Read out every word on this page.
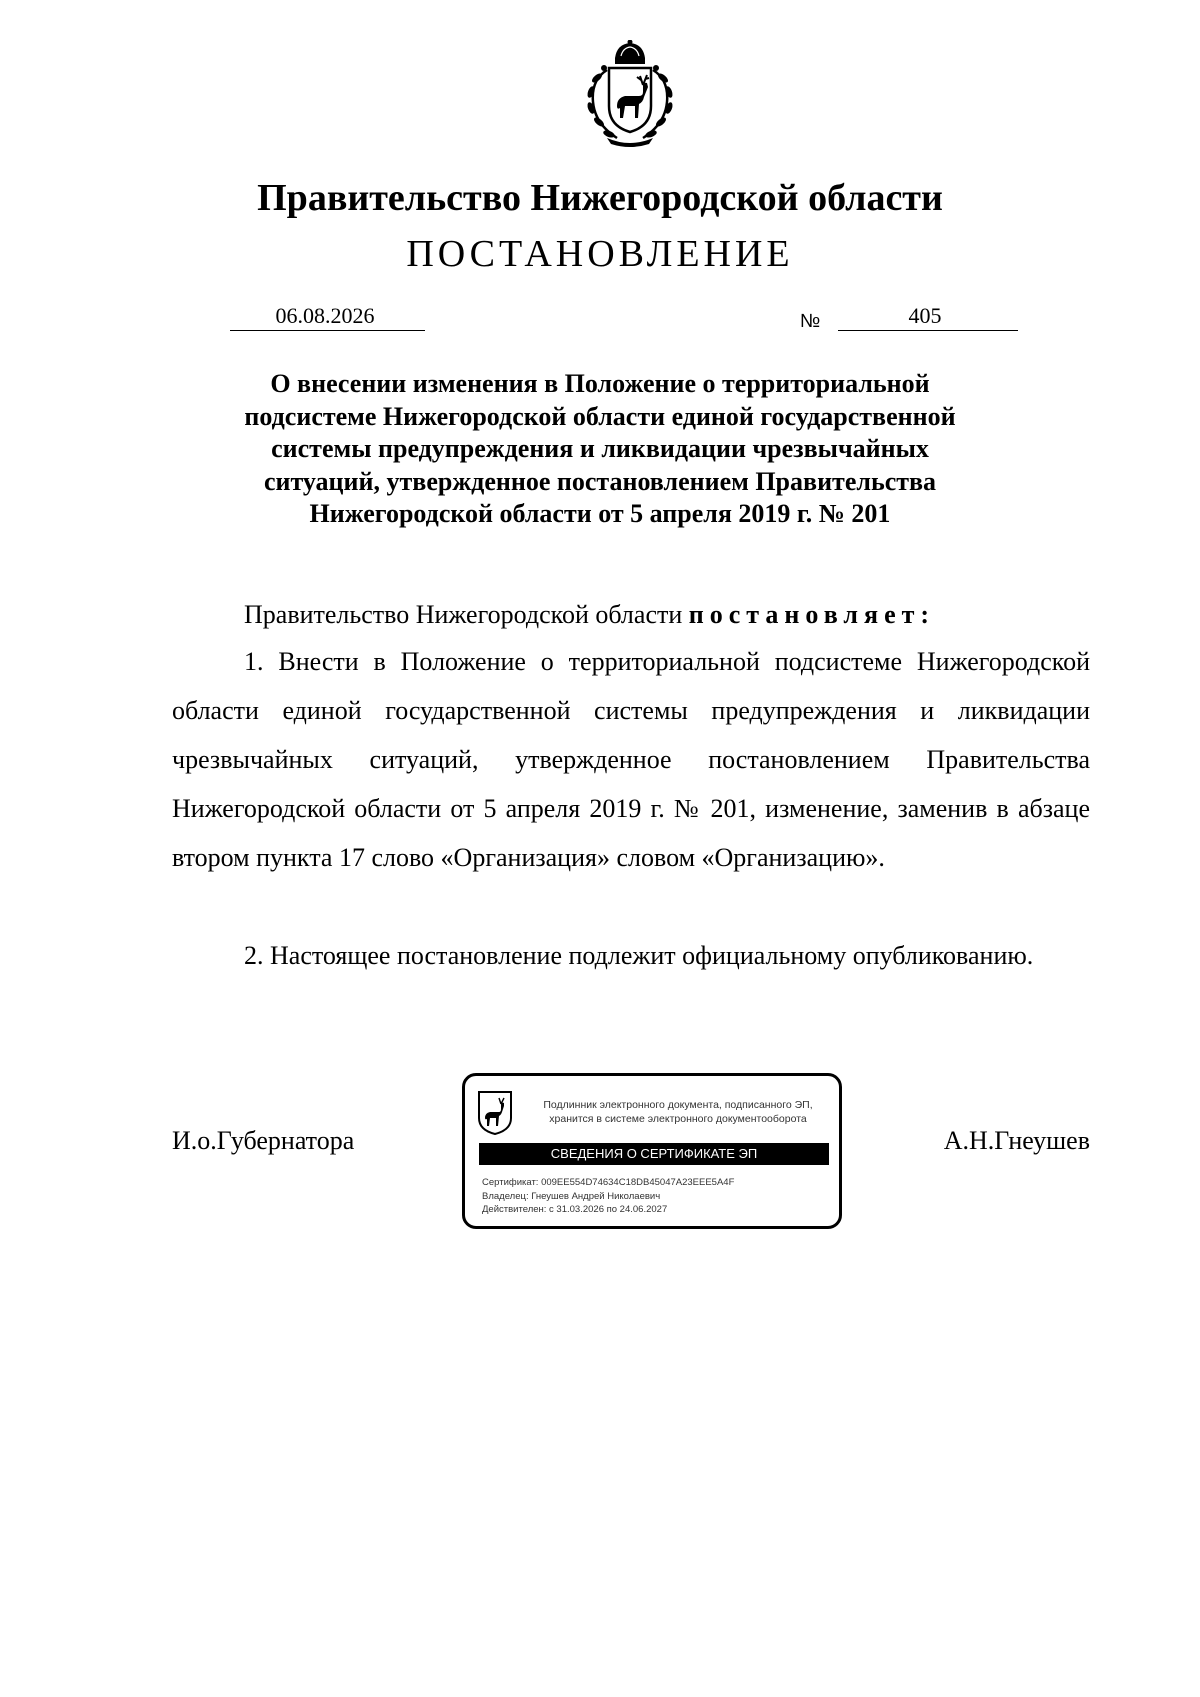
Правительство Нижегородской области
ПОСТАНОВЛЕНИЕ
06.08.2026	№	405
О внесении изменения в Положение о территориальной
подсистеме Нижегородской области единой государственной
системы предупреждения и ликвидации чрезвычайных
ситуаций, утвержденное постановлением Правительства
Нижегородской области от 5 апреля 2019 г. № 201
Правительство Нижегородской области постановляет:
1. Внести в Положение о территориальной подсистеме Нижегородской области единой государственной системы предупреждения и ликвидации чрезвычайных ситуаций, утвержденное постановлением Правительства Нижегородской области от 5 апреля 2019 г. № 201, изменение, заменив в абзаце втором пункта 17 слово «Организация» словом «Организацию».
2. Настоящее постановление подлежит официальному опубликованию.
И.о.Губернатора	А.Н.Гнеушев
Подлинник электронного документа, подписанного ЭП,
хранится в системе электронного документооборота
СВЕДЕНИЯ О СЕРТИФИКАТЕ ЭП
Сертификат: 009EE554D74634C18DB45047A23EEE5A4F
Владелец: Гнеушев Андрей Николаевич
Действителен: с 31.03.2026 по 24.06.2027
